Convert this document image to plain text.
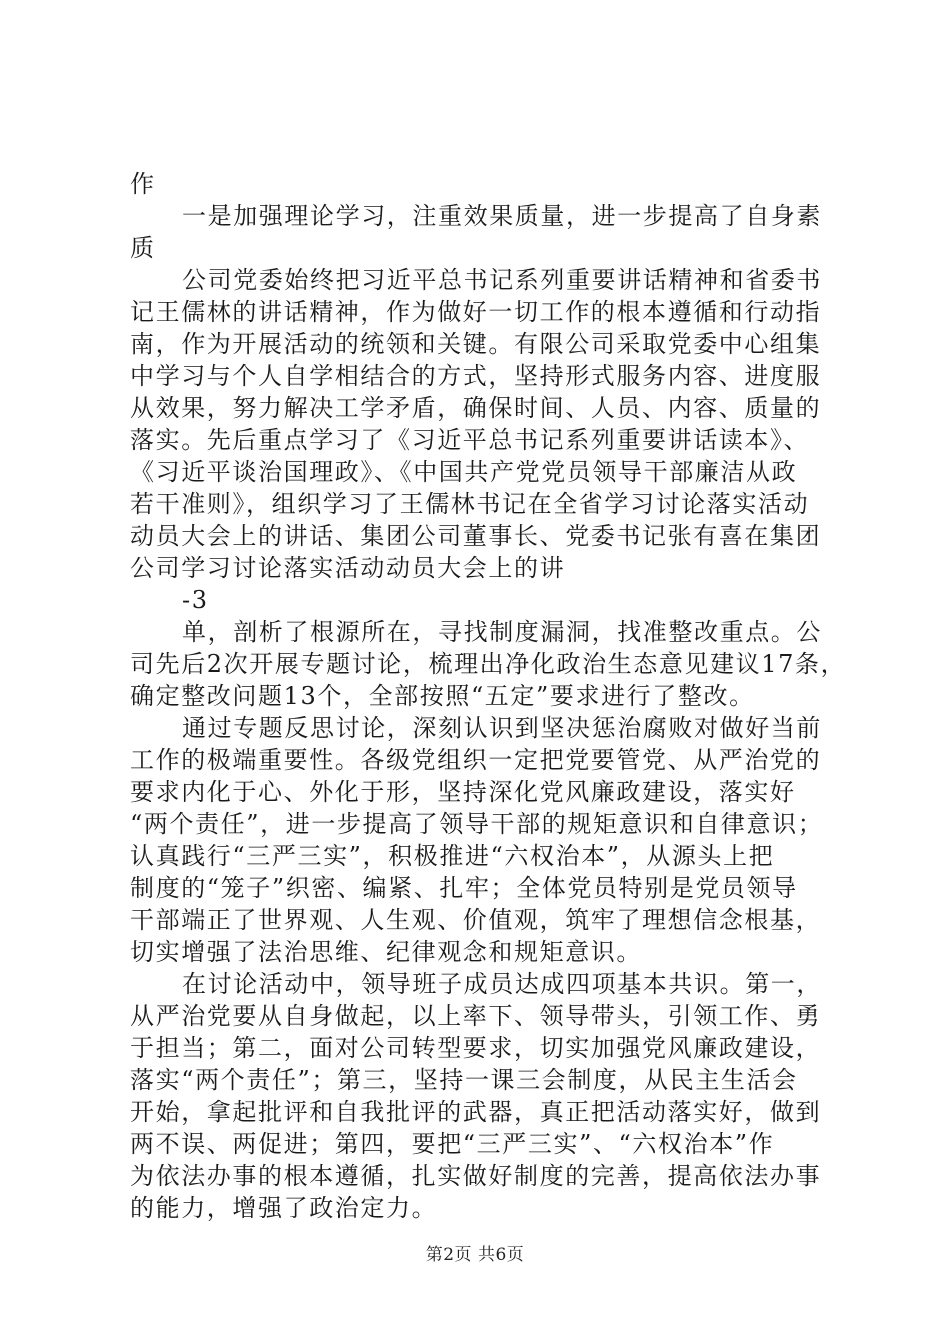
作
一是加强理论学习，注重效果质量，进一步提高了自身素
质
公司党委始终把习近平总书记系列重要讲话精神和省委书
记王儒林的讲话精神，作为做好一切工作的根本遵循和行动指
南，作为开展活动的统领和关键。有限公司采取党委中心组集
中学习与个人自学相结合的方式，坚持形式服务内容、进度服
从效果，努力解决工学矛盾，确保时间、人员、内容、质量的
落实。先后重点学习了《习近平总书记系列重要讲话读本》、
《习近平谈治国理政》、《中国共产党党员领导干部廉洁从政
若干准则》，组织学习了王儒林书记在全省学习讨论落实活动
动员大会上的讲话、集团公司董事长、党委书记张有喜在集团
公司学习讨论落实活动动员大会上的讲
-3
单，剖析了根源所在，寻找制度漏洞，找准整改重点。公
司先后2次开展专题讨论，梳理出净化政治生态意见建议17条，
确定整改问题13个，全部按照“五定”要求进行了整改。
通过专题反思讨论，深刻认识到坚决惩治腐败对做好当前
工作的极端重要性。各级党组织一定把党要管党、从严治党的
要求内化于心、外化于形，坚持深化党风廉政建设，落实好
“两个责任”，进一步提高了领导干部的规矩意识和自律意识；
认真践行“三严三实”，积极推进“六权治本”，从源头上把
制度的“笼子”织密、编紧、扎牢；全体党员特别是党员领导
干部端正了世界观、人生观、价值观，筑牢了理想信念根基，
切实增强了法治思维、纪律观念和规矩意识。
在讨论活动中，领导班子成员达成四项基本共识。第一，
从严治党要从自身做起，以上率下、领导带头，引领工作、勇
于担当；第二，面对公司转型要求，切实加强党风廉政建设，
落实“两个责任”；第三，坚持一课三会制度，从民主生活会
开始，拿起批评和自我批评的武器，真正把活动落实好，做到
两不误、两促进；第四，要把“三严三实”、“六权治本”作
为依法办事的根本遵循，扎实做好制度的完善，提高依法办事
的能力，增强了政治定力。
第2页 共6页
